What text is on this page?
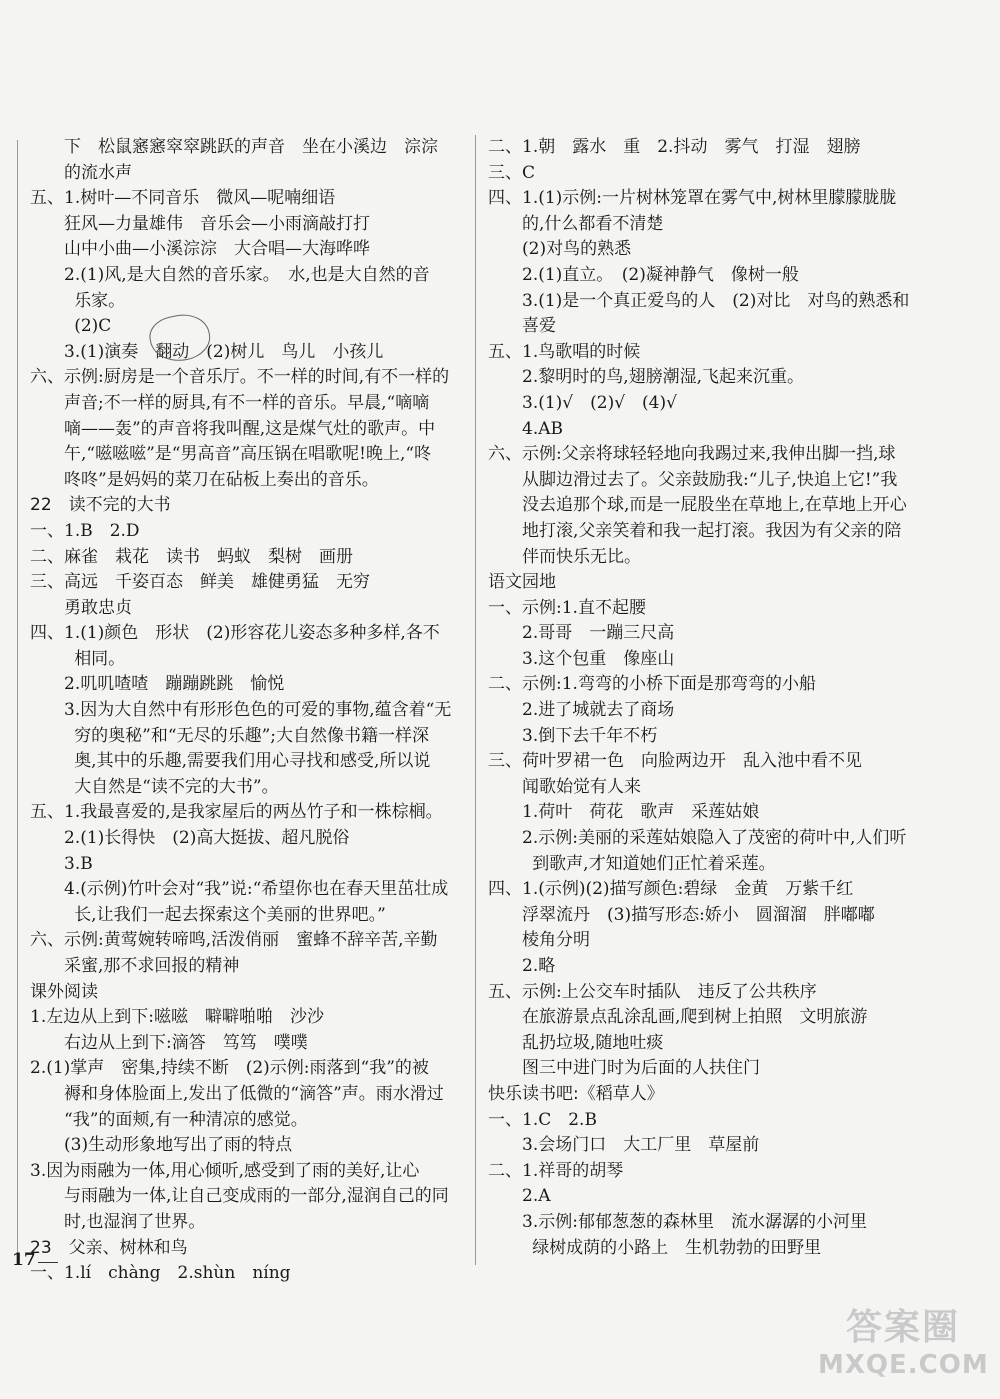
下　松鼠窸窸窣窣跳跃的声音　坐在小溪边　淙淙
的流水声
五、1.树叶—不同音乐　微风—呢喃细语
狂风—力量雄伟　音乐会—小雨滴敲打打
山中小曲—小溪淙淙　大合唱—大海哗哗
2.(1)风,是大自然的音乐家。　水,也是大自然的音
乐家。
(2)C
3.(1)演奏　翻动　(2)树儿　鸟儿　小孩儿
六、示例:厨房是一个音乐厅。不一样的时间,有不一样的
声音;不一样的厨具,有不一样的音乐。早晨,“嘀嘀
嘀——轰”的声音将我叫醒,这是煤气灶的歌声。中
午,“嗞嗞嗞”是“男高音”高压锅在唱歌呢!晚上,“咚
咚咚”是妈妈的菜刀在砧板上奏出的音乐。
22　读不完的大书
一、1.B　2.D
二、麻雀　栽花　读书　蚂蚁　梨树　画册
三、高远　千姿百态　鲜美　雄健勇猛　无穷
勇敢忠贞
四、1.(1)颜色　形状　(2)形容花儿姿态多种多样,各不
相同。
2.叽叽喳喳　蹦蹦跳跳　愉悦
3.因为大自然中有形形色色的可爱的事物,蕴含着“无
穷的奥秘”和“无尽的乐趣”;大自然像书籍一样深
奥,其中的乐趣,需要我们用心寻找和感受,所以说
大自然是“读不完的大书”。
五、1.我最喜爱的,是我家屋后的两丛竹子和一株棕榈。
2.(1)长得快　(2)高大挺拔、超凡脱俗
3.B
4.(示例)竹叶会对“我”说:“希望你也在春天里茁壮成
长,让我们一起去探索这个美丽的世界吧。”
六、示例:黄莺婉转啼鸣,活泼俏丽　蜜蜂不辞辛苦,辛勤
采蜜,那不求回报的精神
课外阅读
1.左边从上到下:嗞嗞　噼噼啪啪　沙沙
右边从上到下:滴答　笃笃　噗噗
2.(1)掌声　密集,持续不断　(2)示例:雨落到“我”的被
褥和身体脸面上,发出了低微的“滴答”声。雨水滑过
“我”的面颊,有一种清凉的感觉。
(3)生动形象地写出了雨的特点
3.因为雨融为一体,用心倾听,感受到了雨的美好,让心
与雨融为一体,让自己变成雨的一部分,湿润自己的同
时,也湿润了世界。
23　父亲、树林和鸟
一、1.lí　chàng　2.shùn　níng
二、1.朝　露水　重　2.抖动　雾气　打湿　翅膀
三、C
四、1.(1)示例:一片树林笼罩在雾气中,树林里朦朦胧胧
的,什么都看不清楚
(2)对鸟的熟悉
2.(1)直立。　(2)凝神静气　像树一般
3.(1)是一个真正爱鸟的人　(2)对比　对鸟的熟悉和
喜爱
五、1.鸟歌唱的时候
2.黎明时的鸟,翅膀潮湿,飞起来沉重。
3.(1)√　(2)√　(4)√
4.AB
六、示例:父亲将球轻轻地向我踢过来,我伸出脚一挡,球
从脚边滑过去了。父亲鼓励我:“儿子,快追上它!”我
没去追那个球,而是一屁股坐在草地上,在草地上开心
地打滚,父亲笑着和我一起打滚。我因为有父亲的陪
伴而快乐无比。
语文园地
一、示例:1.直不起腰
2.哥哥　一蹦三尺高
3.这个包重　像座山
二、示例:1.弯弯的小桥下面是那弯弯的小船
2.进了城就去了商场
3.倒下去千年不朽
三、荷叶罗裙一色　向脸两边开　乱入池中看不见
闻歌始觉有人来
1.荷叶　荷花　歌声　采莲姑娘
2.示例:美丽的采莲姑娘隐入了茂密的荷叶中,人们听
到歌声,才知道她们正忙着采莲。
四、1.(示例)(2)描写颜色:碧绿　金黄　万紫千红
浮翠流丹　(3)描写形态:娇小　圆溜溜　胖嘟嘟
棱角分明
2.略
五、示例:上公交车时插队　违反了公共秩序
在旅游景点乱涂乱画,爬到树上拍照　文明旅游
乱扔垃圾,随地吐痰
图三中进门时为后面的人扶住门
快乐读书吧:《稻草人》
一、1.C　2.B
3.会场门口　大工厂里　草屋前
二、1.祥哥的胡琴
2.A
3.示例:郁郁葱葱的森林里　流水潺潺的小河里
绿树成荫的小路上　生机勃勃的田野里
17
答案圈
MXQE.COM
